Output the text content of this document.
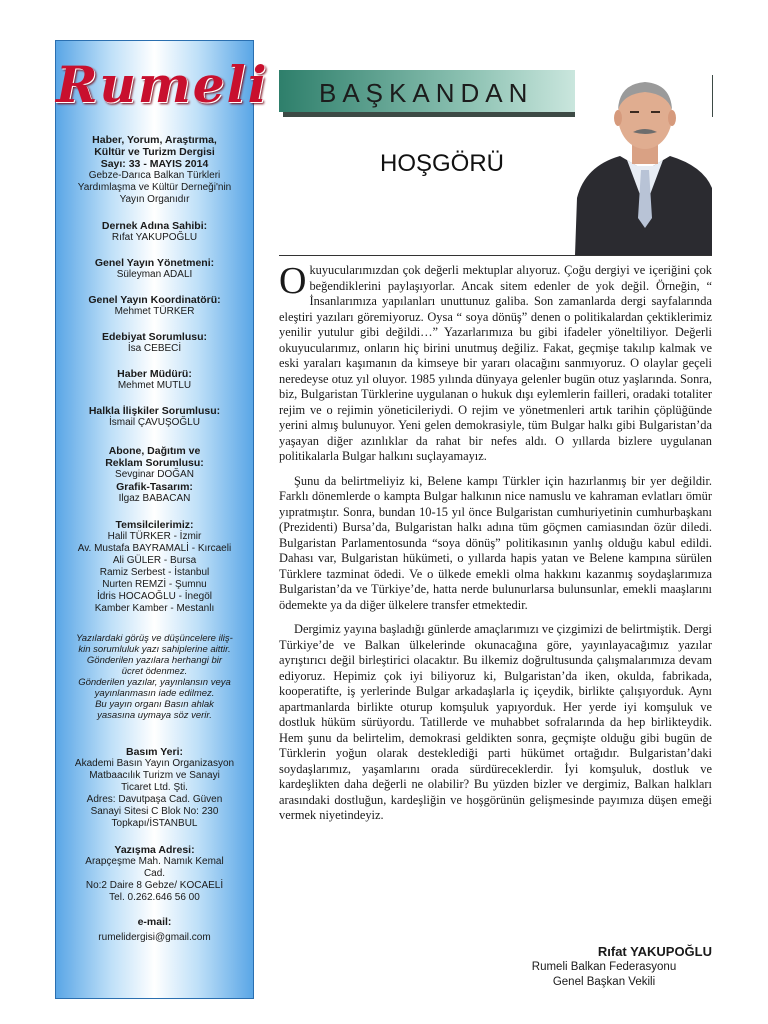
Rumeli
Haber, Yorum, Araştırma,
Kültür ve Turizm Dergisi
Sayı: 33 - MAYIS 2014
Gebze-Darıca Balkan Türkleri
Yardımlaşma ve Kültür Derneği'nin
Yayın Organıdır
Dernek Adına Sahibi:
Rıfat YAKUPOĞLU
Genel Yayın Yönetmeni:
Süleyman ADALI
Genel Yayın Koordinatörü:
Mehmet TÜRKER
Edebiyat Sorumlusu:
İsa CEBECİ
Haber Müdürü:
Mehmet MUTLU
Halkla İlişkiler Sorumlusu:
İsmail ÇAVUŞOĞLU
Abone, Dağıtım ve
Reklam Sorumlusu:
Sevginar DOĞAN
Grafik-Tasarım:
Ilgaz BABACAN
Temsilcilerimiz:
Halil TÜRKER - İzmir
Av. Mustafa BAYRAMALİ - Kırcaeli
Ali GÜLER - Bursa
Ramiz Serbest - İstanbul
Nurten REMZİ - Şumnu
İdris HOCAOĞLU - İnegöl
Kamber Kamber - Mestanlı
Yazılardaki görüş ve düşüncelere iliş-
kin sorumluluk yazı sahiplerine aittir.
Gönderilen yazılara herhangi bir
ücret ödenmez.
Gönderilen yazılar, yayınlansın veya
yayınlanmasın iade edilmez.
Bu yayın organı Basın ahlak
yasasına uymaya söz verir.
Basım Yeri:
Akademi Basın Yayın Organizasyon
Matbaacılık Turizm ve Sanayi
Ticaret Ltd. Şti.
Adres: Davutpaşa Cad. Güven
Sanayi Sitesi C Blok No: 230
Topkapı/İSTANBUL
Yazışma Adresi:
Arapçeşme Mah. Namık Kemal
Cad.
No:2 Daire 8 Gebze/ KOCAELİ
Tel. 0.262.646 56 00
e-mail:
rumelidergisi@gmail.com
BAŞKANDAN
HOŞGÖRÜ

Okuyucularımızdan çok değerli mektuplar alıyoruz. Çoğu dergiyi ve içeriğini çok beğendiklerini paylaşıyorlar. Ancak sitem edenler de yok değil. Örneğin, “ İnsanlarımıza yapılanları unuttunuz galiba. Son zamanlarda dergi sayfalarında eleştiri yazıları göremiyoruz. Oysa “ soya dönüş” denen o politikalardan çektiklerimiz yenilir yutulur gibi değildi…” Yazarlarımıza bu gibi ifadeler yöneltiliyor. Değerli okuyucularımız, onların hiç birini unutmuş değiliz. Fakat, geçmişe takılıp kalmak ve eski yaraları kaşımanın da kimseye bir yararı olacağını sanmıyoruz. O olaylar geçeli neredeyse otuz yıl oluyor. 1985 yılında dünyaya gelenler bugün otuz yaşlarında. Sonra, biz, Bulgaristan Türklerine uygulanan o hukuk dışı eylemlerin failleri, oradaki totaliter rejim ve o rejimin yöneticileriydi. O rejim ve yönetmenleri artık tarihin çöplüğünde yerini almış bulunuyor. Yeni gelen demokrasiyle, tüm Bulgar halkı gibi Bulgaristan’da yaşayan diğer azınlıklar da rahat bir nefes aldı. O yıllarda bizlere uygulanan politikalarla Bulgar halkını suçlayamayız.

Şunu da belirtmeliyiz ki, Belene kampı Türkler için hazırlanmış bir yer değildir. Farklı dönemlerde o kampta Bulgar halkının nice namuslu ve kahraman evlatları ömür yıpratmıştır. Sonra, bundan 10-15 yıl önce Bulgaristan cumhuriyetinin cumhurbaşkanı (Prezidenti) Bursa’da, Bulgaristan halkı adına tüm göçmen camiasından özür diledi. Bulgaristan Parlamentosunda “soya dönüş” politikasının yanlış olduğu kabul edildi. Dahası var, Bulgaristan hükümeti, o yıllarda hapis yatan ve Belene kampına sürülen Türklere tazminat ödedi. Ve o ülkede emekli olma hakkını kazanmış soydaşlarımıza Bulgaristan’da ve Türkiye’de, hatta nerde bulunurlarsa bulunsunlar, emekli maaşlarını ödemekte ya da diğer ülkelere transfer etmektedir.

Dergimiz yayına başladığı günlerde amaçlarımızı ve çizgimizi de belirtmiştik. Dergi Türkiye’de ve Balkan ülkelerinde okunacağına göre, yayınlayacağımız yazılar ayrıştırıcı değil birleştirici olacaktır. Bu ilkemiz doğrultusunda çalışmalarımıza devam ediyoruz. Hepimiz çok iyi biliyoruz ki, Bulgaristan’da iken, okulda, fabrikada, kooperatifte, iş yerlerinde Bulgar arkadaşlarla iç içeydik, birlikte çalışıyorduk. Aynı apartmanlarda birlikte oturup komşuluk yapıyorduk. Her yerde iyi komşuluk ve dostluk hüküm sürüyordu. Tatillerde ve muhabbet sofralarında da hep birlikteydik. Hem şunu da belirtelim, demokrasi geldikten sonra, geçmişte olduğu gibi bugün de Türklerin yoğun olarak desteklediği parti hükümet ortağıdır. Bulgaristan’daki soydaşlarımız, yaşamlarını orada sürdüreceklerdir. İyi komşuluk, dostluk ve kardeşlikten daha değerli ne olabilir? Bu yüzden bizler ve dergimiz, Balkan halkları arasındaki dostluğun, kardeşliğin ve hoşgörünün gelişmesinde payımıza düşen emeği vermek niyetindeyiz.

Rıfat YAKUPOĞLU
Rumeli Balkan Federasyonu
Genel Başkan Vekili
